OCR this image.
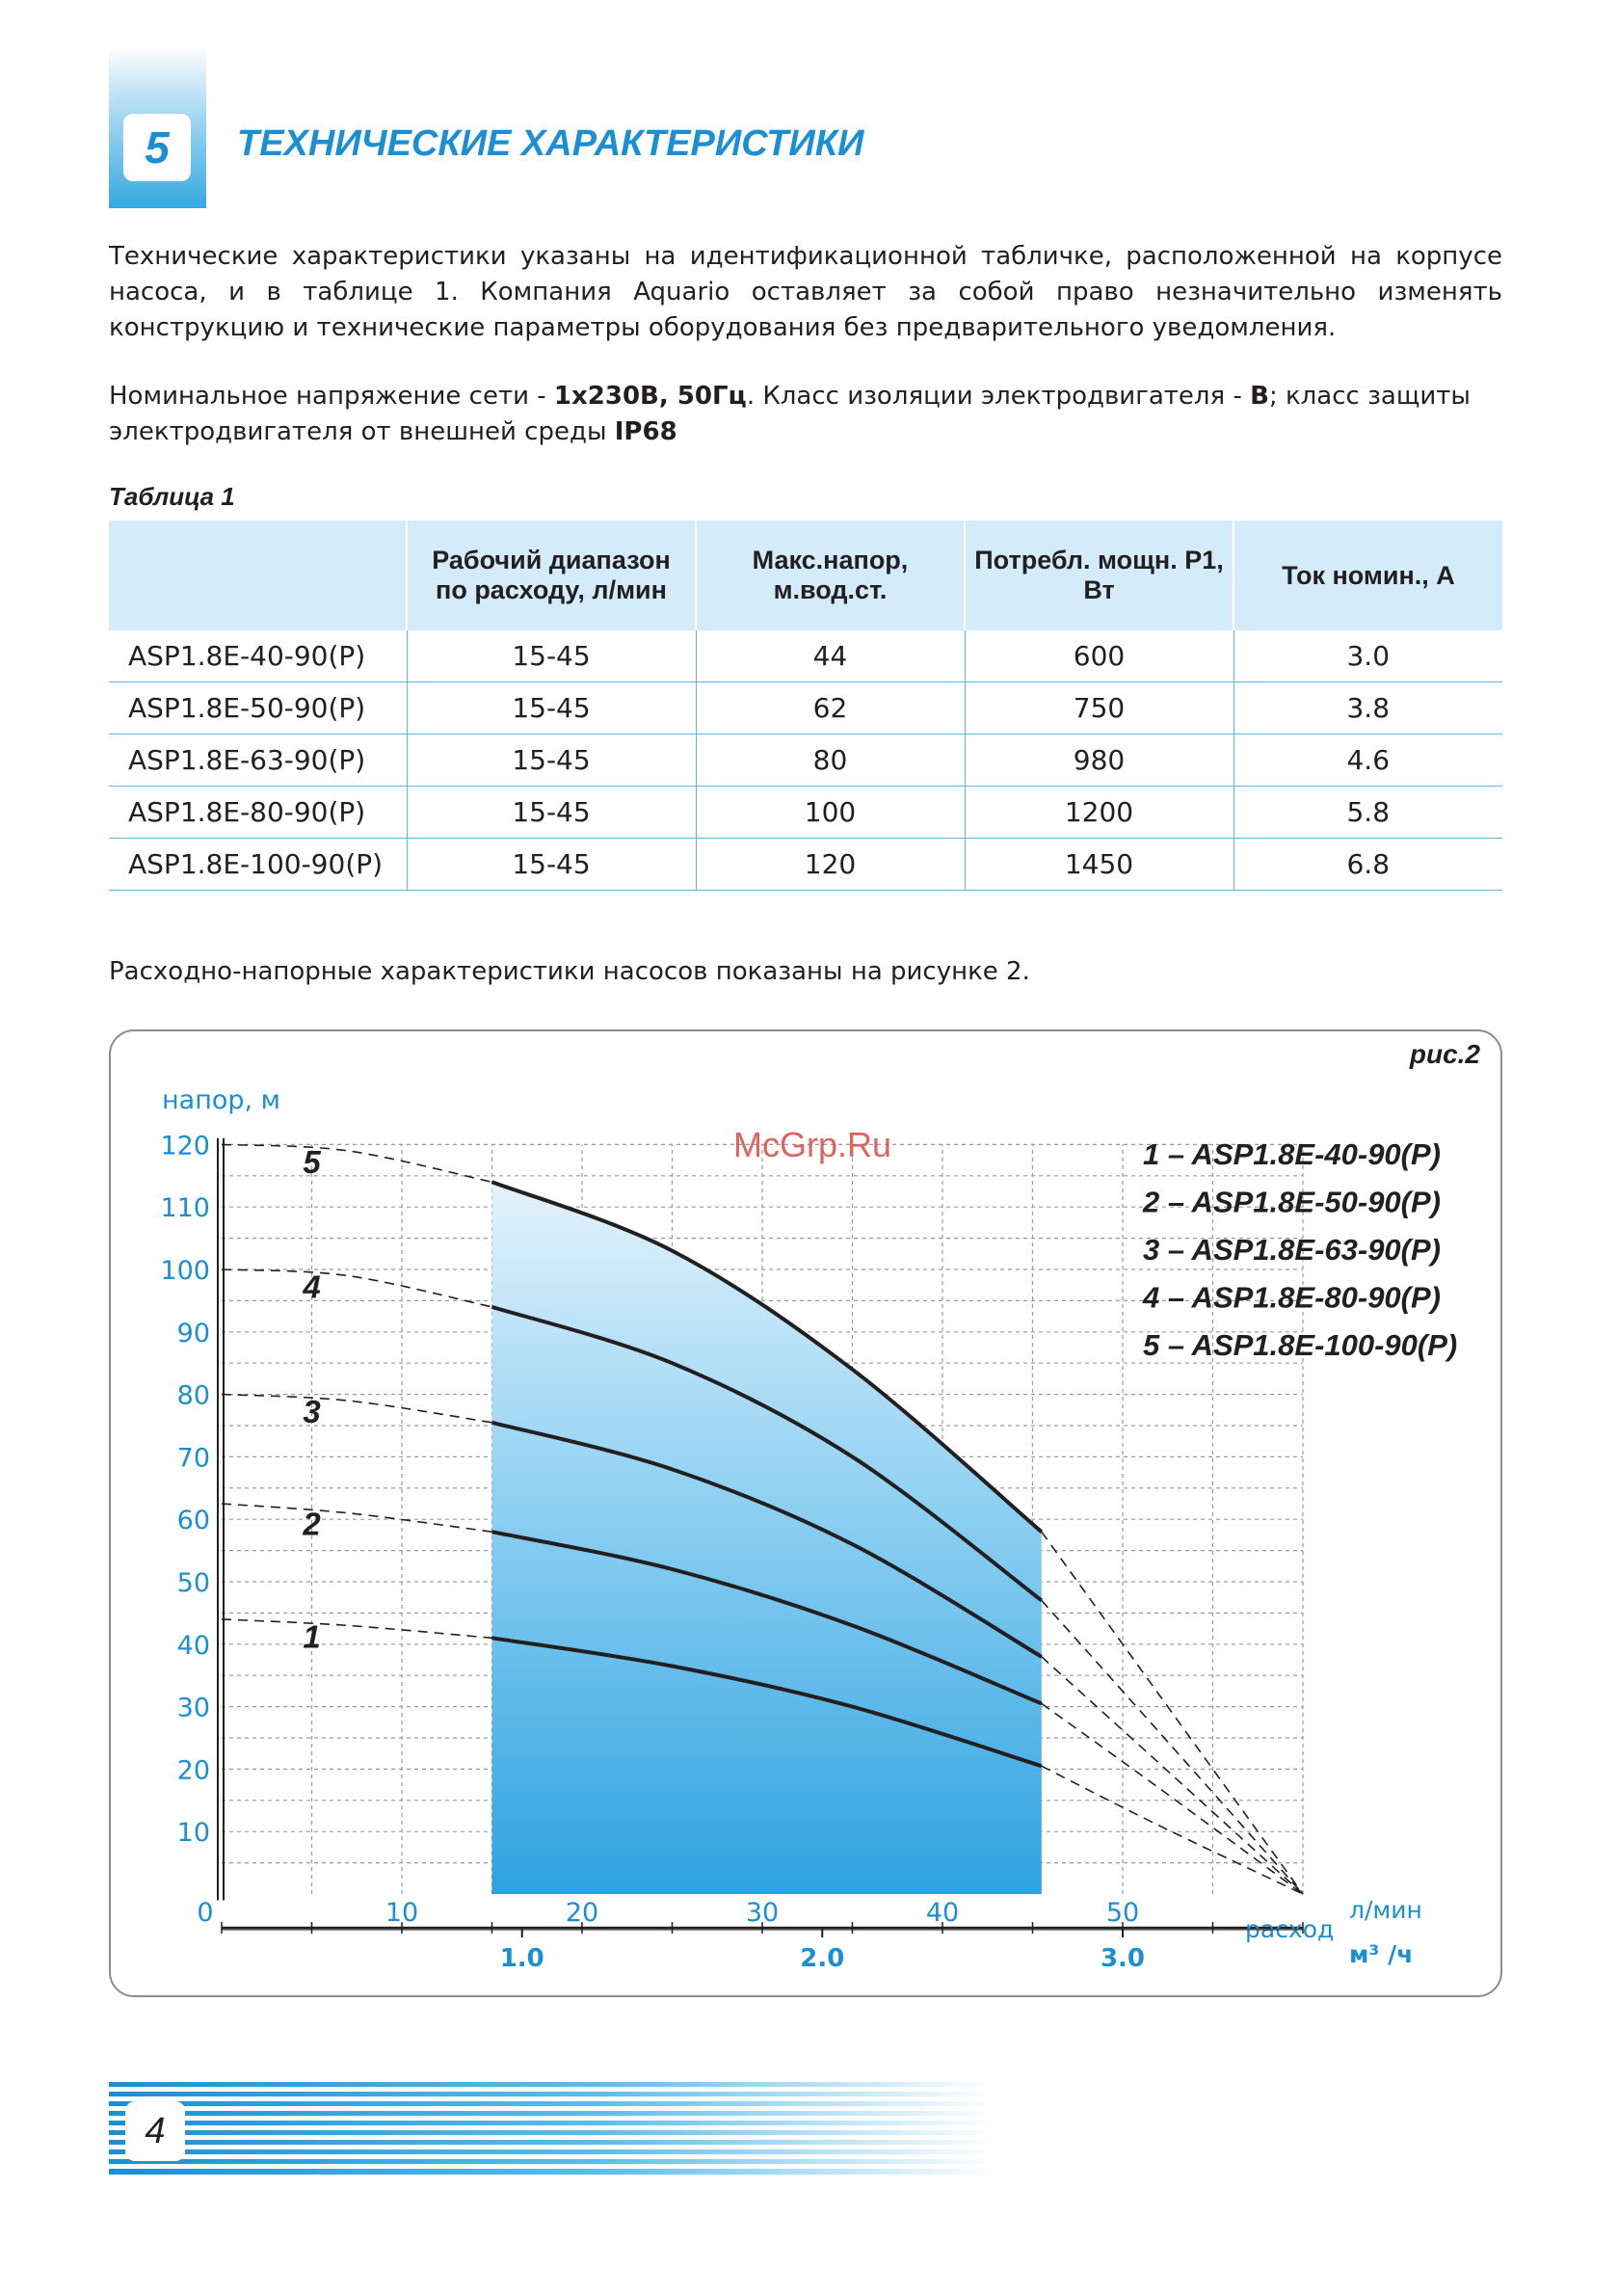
5	ТЕХНИЧЕСКИЕ ХАРАКТЕРИСТИКИ

Технические характеристики указаны на идентификационной табличке, расположенной на корпусе насоса, и в таблице 1. Компания Aquario оставляет за собой право незначительно изменять конструкцию и технические параметры оборудования без предварительного уведомления.

Номинальное напряжение сети - 1х230В, 50Гц. Класс изоляции электродвигателя - B; класс защиты электродвигателя от внешней среды IP68

Таблица 1
	Рабочий диапазон по расходу, л/мин	Макс.напор, м.вод.ст.	Потребл. мощн. Р1, Вт	Ток номин., А
ASP1.8E-40-90(P)	15-45	44	600	3.0
ASP1.8E-50-90(P)	15-45	62	750	3.8
ASP1.8E-63-90(P)	15-45	80	980	4.6
ASP1.8E-80-90(P)	15-45	100	1200	5.8
ASP1.8E-100-90(P)	15-45	120	1450	6.8

Расходно-напорные характеристики насосов показаны на рисунке 2.

1
2
3
4
5
120
110
100
90
80
70
60
50
40
30
20
10
напор, м
0	10	20	30	40	50
расход
л/мин
1.0	2.0	3.0	м³ /ч
1 – ASP1.8E-40-90(P)
2 – ASP1.8E-50-90(P)
3 – ASP1.8E-63-90(P)
4 – ASP1.8E-80-90(P)
5 – ASP1.8E-100-90(P)
рис.2
McGrp.Ru
4
